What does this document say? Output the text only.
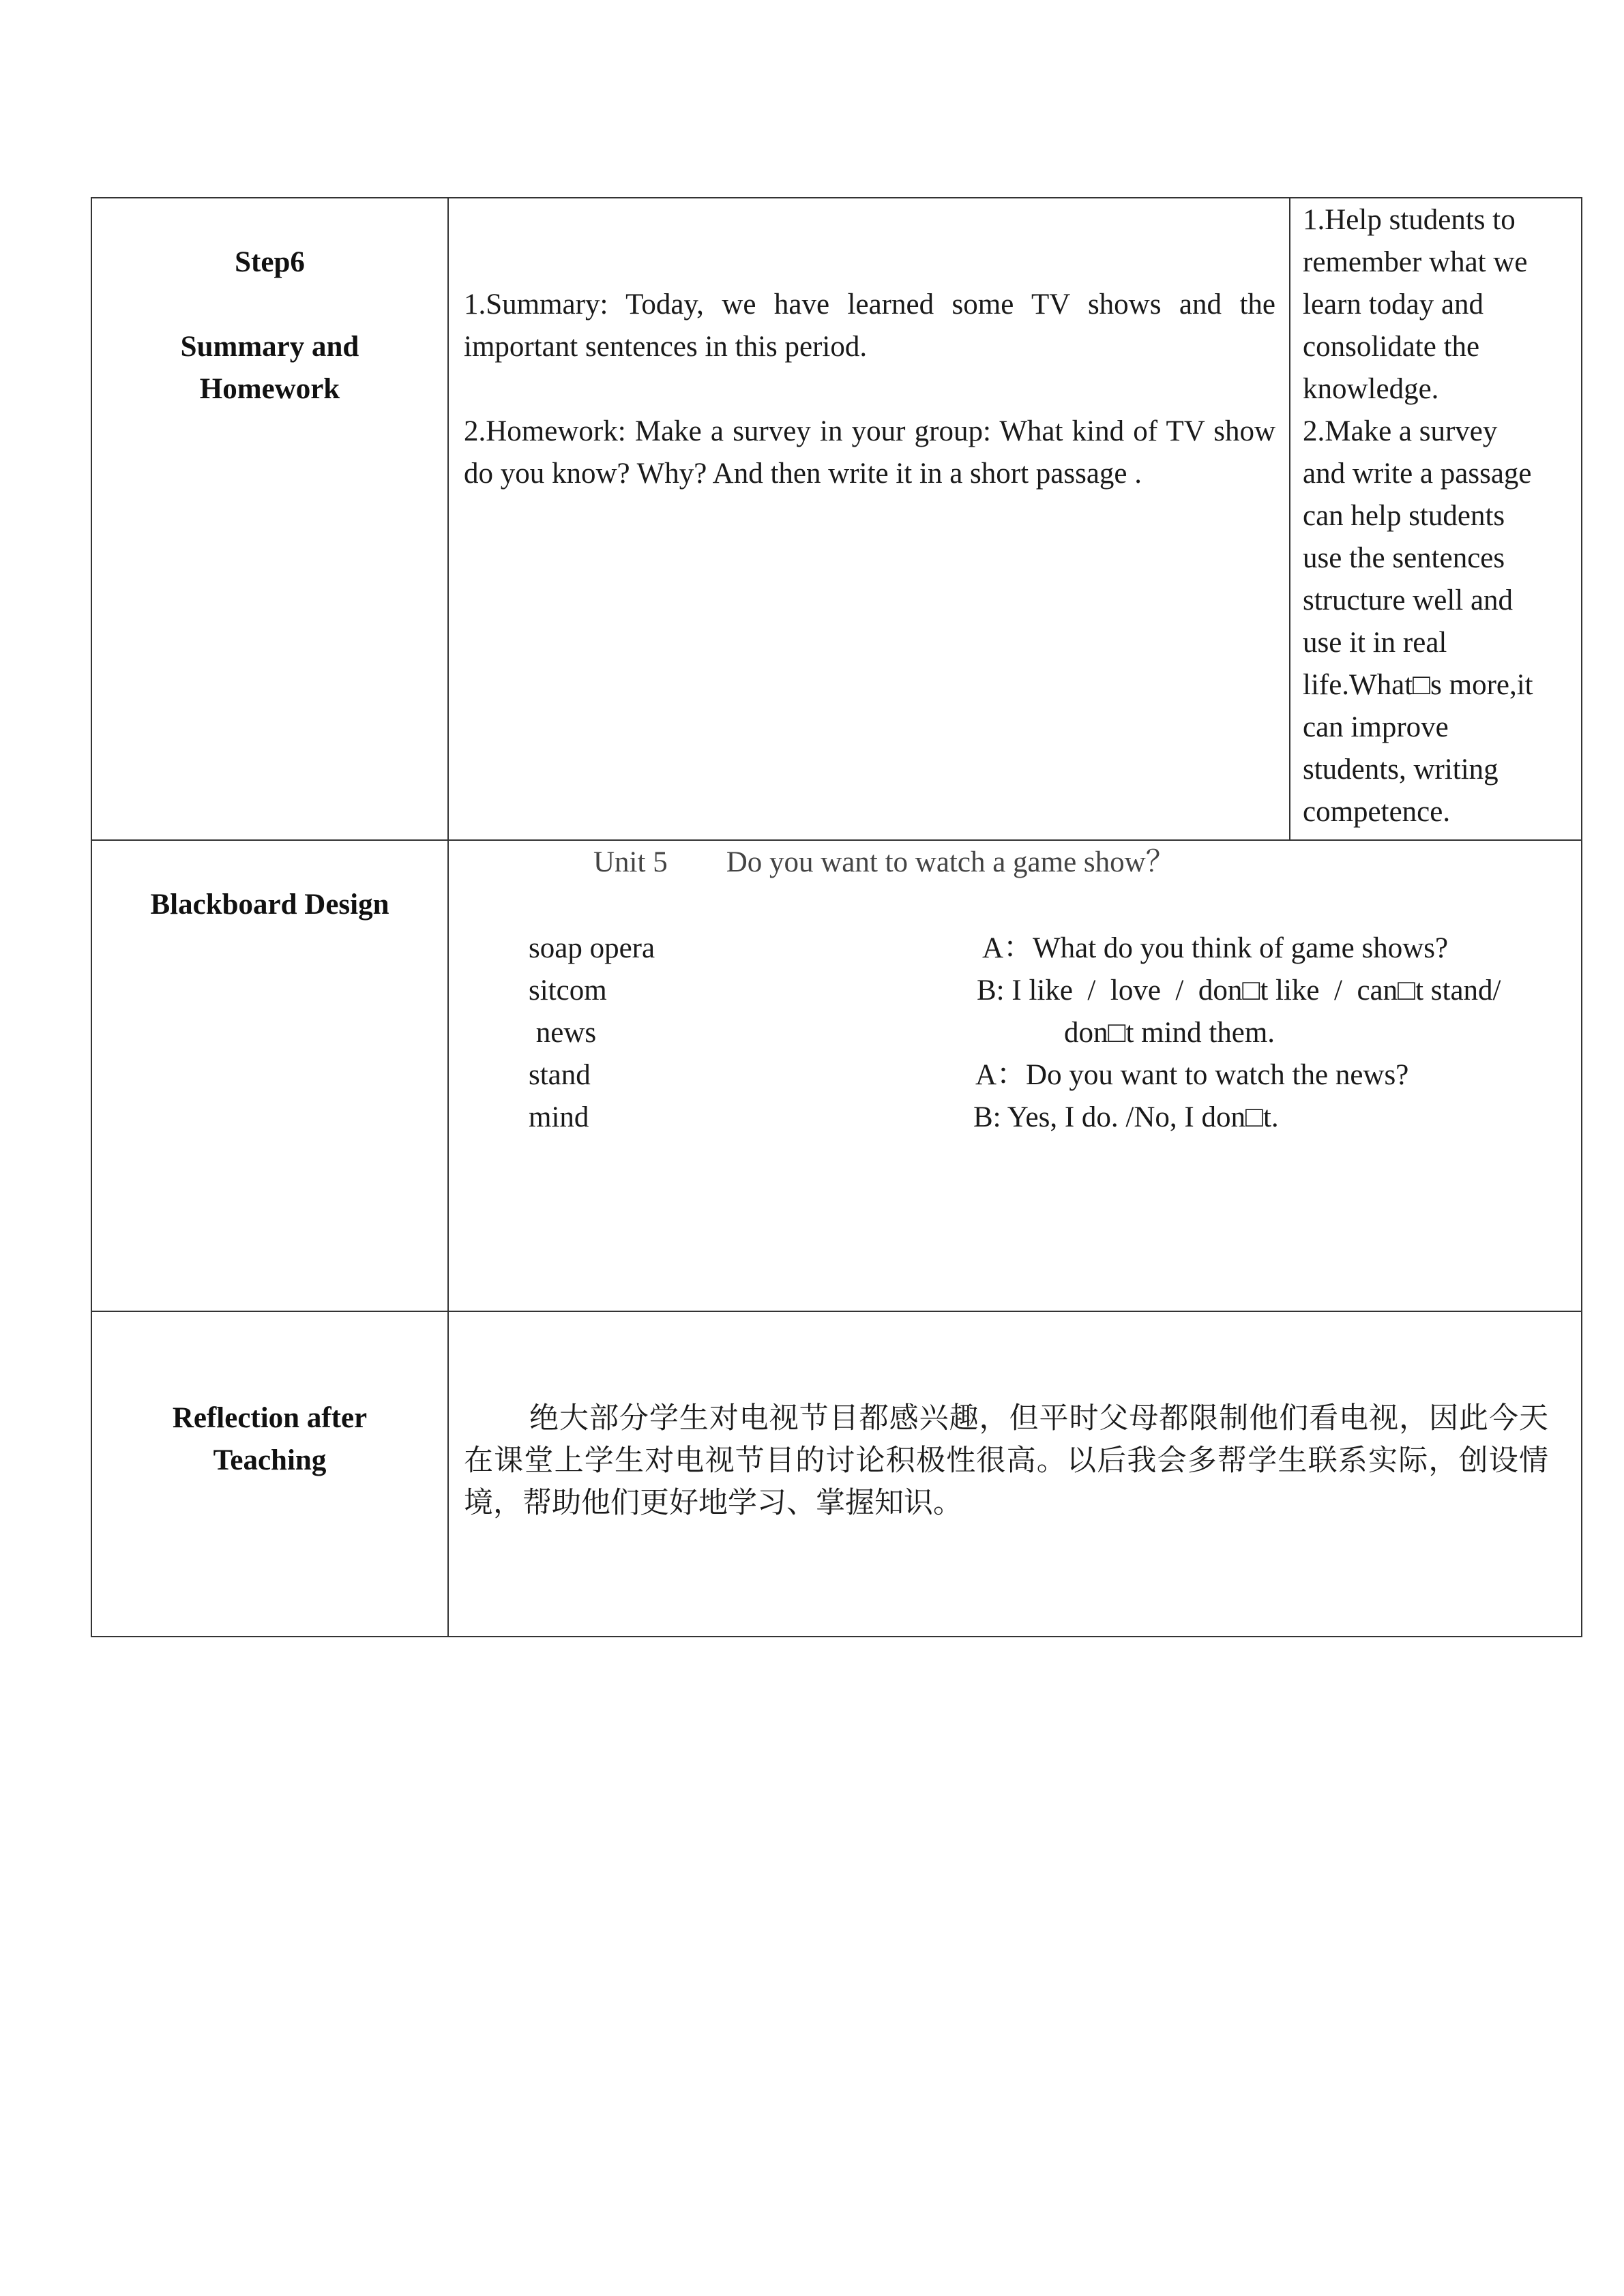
Step6
Summary and
Homework
1.Summary: Today, we have learned some TV shows and the important sentences in this period.
2.Homework: Make a survey in your group: What kind of TV show do you know? Why? And then write it in a short passage .
1.Help students to
remember what we
learn today and
consolidate the
knowledge.
2.Make a survey
and write a passage
can help students
use the sentences
structure well and
use it in real
life.What□s more,it
can improve
students, writing
competence.
Blackboard Design
Unit 5  Do you want to watch a game show？
soap opera
sitcom
news
stand
mind
A：What do you think of game shows?
B: I like  /  love  /  don□t like  /  can□t stand/
don□t mind them.
A：Do you want to watch the news?
B: Yes, I do. /No, I don□t.
Reflection after
Teaching
绝大部分学生对电视节目都感兴趣，但平时父母都限制他们看电视，因此今天在课堂上学生对电视节目的讨论积极性很高。以后我会多帮学生联系实际，创设情境，帮助他们更好地学习、掌握知识。
